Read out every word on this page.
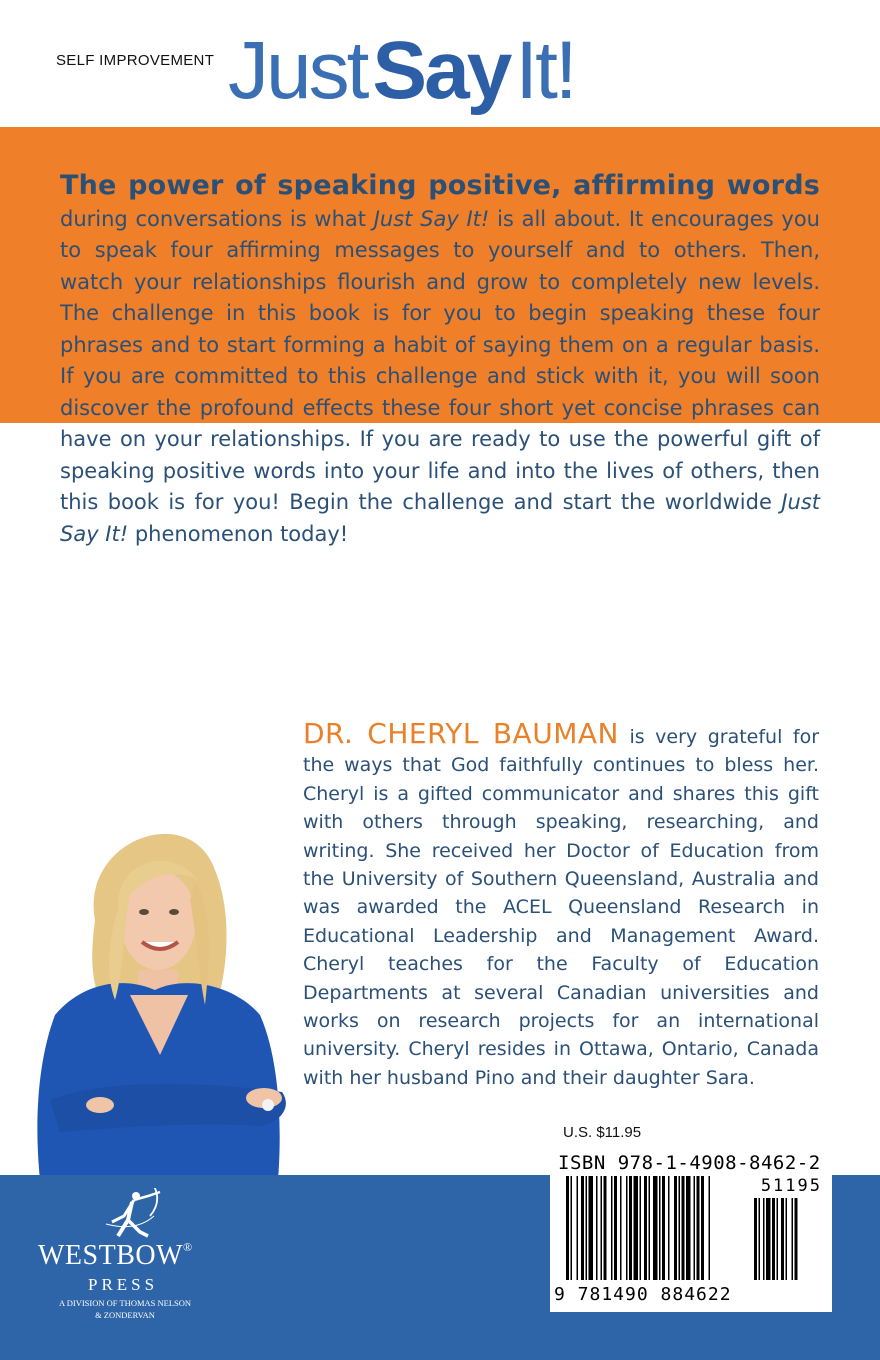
SELF IMPROVEMENT JustSayIt!
The power of speaking positive, affirming words during conversations is what Just Say It! is all about. It encourages you to speak four affirming messages to yourself and to others. Then, watch your relationships flourish and grow to completely new levels. The challenge in this book is for you to begin speaking these four phrases and to start forming a habit of saying them on a regular basis. If you are committed to this challenge and stick with it, you will soon discover the profound effects these four short yet concise phrases can have on your relationships. If you are ready to use the powerful gift of speaking positive words into your life and into the lives of others, then this book is for you! Begin the challenge and start the worldwide Just Say It! phenomenon today!
DR. CHERYL BAUMAN is very grateful for the ways that God faithfully continues to bless her. Cheryl is a gifted communicator and shares this gift with others through speaking, researching, and writing. She received her Doctor of Education from the University of Southern Queensland, Australia and was awarded the ACEL Queensland Research in Educational Leadership and Management Award. Cheryl teaches for the Faculty of Education Departments at several Canadian universities and works on research projects for an international university. Cheryl resides in Ottawa, Ontario, Canada with her husband Pino and their daughter Sara.
U.S. $11.95
ISBN 978-1-4908-8462-2
51195
9 781490 884622
WESTBOW®
PRESS
A DIVISION OF THOMAS NELSON
& ZONDERVAN
